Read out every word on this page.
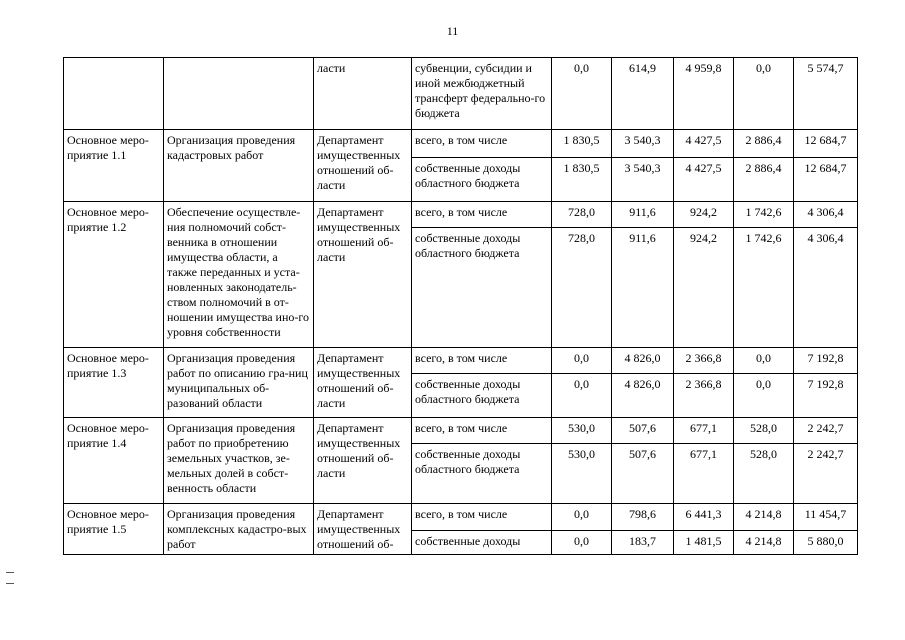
11
		ласти	субвенции, субсидии и иной межбюджетный трансферт федерально-го бюджета	0,0	614,9	4 959,8	0,0	5 574,7
Основное меро-приятие 1.1	Организация проведения кадастровых работ	Департамент имущественных отношений об-ласти	всего, в том числе	1 830,5	3 540,3	4 427,5	2 886,4	12 684,7
			собственные доходы областного бюджета	1 830,5	3 540,3	4 427,5	2 886,4	12 684,7
Основное меро-приятие 1.2	Обеспечение осуществле-ния полномочий собст-венника в отношении имущества области, а также переданных и уста-новленных законодатель-ством полномочий в от-ношении имущества ино-го уровня собственности	Департамент имущественных отношений об-ласти	всего, в том числе	728,0	911,6	924,2	1 742,6	4 306,4
			собственные доходы областного бюджета	728,0	911,6	924,2	1 742,6	4 306,4
Основное меро-приятие 1.3	Организация проведения работ по описанию гра-ниц муниципальных об-разований области	Департамент имущественных отношений об-ласти	всего, в том числе	0,0	4 826,0	2 366,8	0,0	7 192,8
			собственные доходы областного бюджета	0,0	4 826,0	2 366,8	0,0	7 192,8
Основное меро-приятие 1.4	Организация проведения работ по приобретению земельных участков, зе-мельных долей в собст-венность области	Департамент имущественных отношений об-ласти	всего, в том числе	530,0	507,6	677,1	528,0	2 242,7
			собственные доходы областного бюджета	530,0	507,6	677,1	528,0	2 242,7
Основное меро-приятие 1.5	Организация проведения комплексных кадастро-вых работ	Департамент имущественных отношений об-	всего, в том числе	0,0	798,6	6 441,3	4 214,8	11 454,7
			собственные доходы	0,0	183,7	1 481,5	4 214,8	5 880,0
